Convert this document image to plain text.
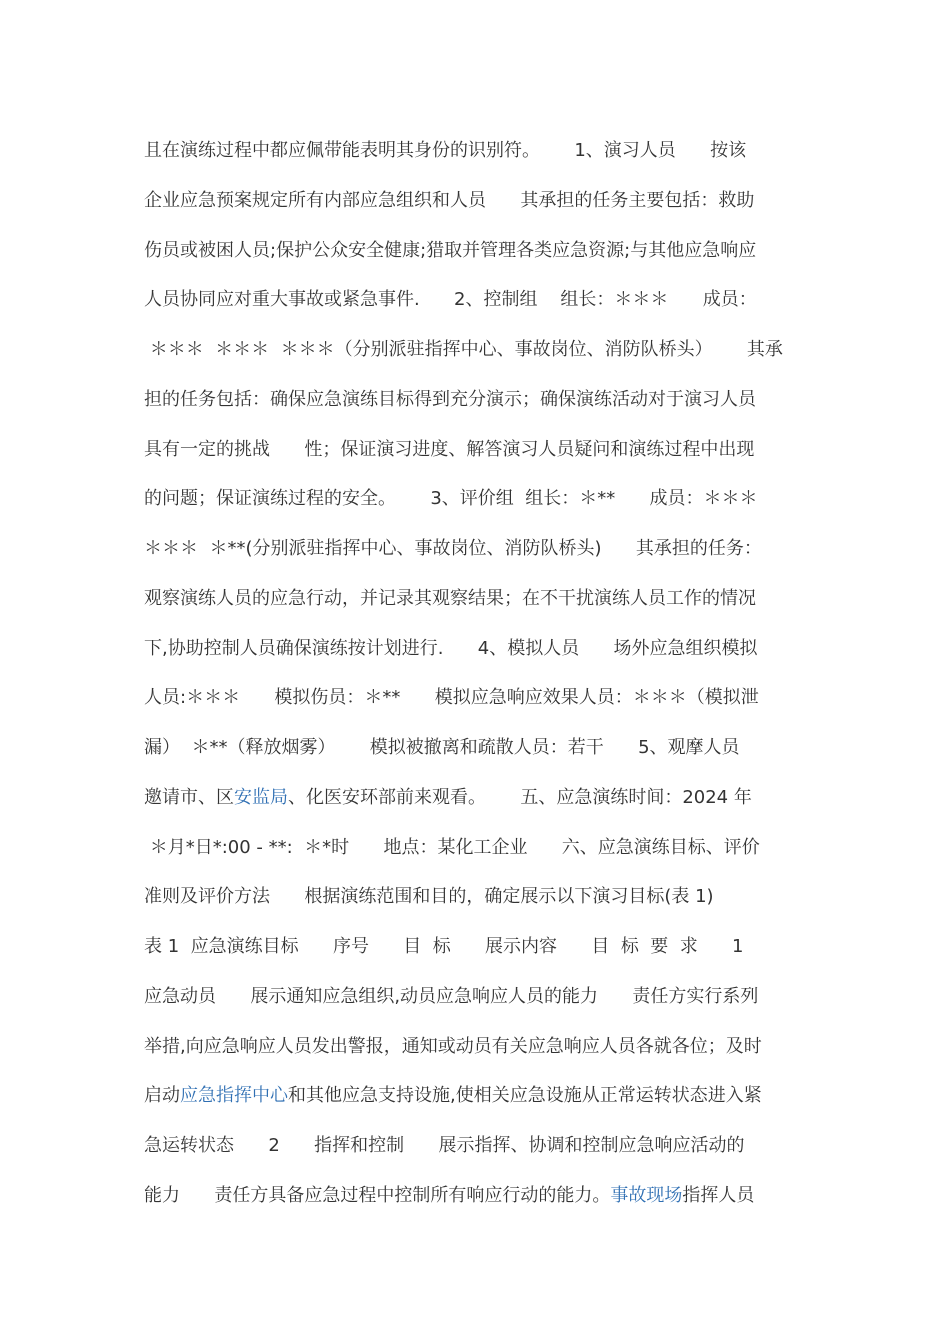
且在演练过程中都应佩带能表明其身份的识别符。      1、演习人员      按该
企业应急预案规定所有内部应急组织和人员      其承担的任务主要包括：救助
伤员或被困人员;保护公众安全健康;猎取并管理各类应急资源;与其他应急响应
人员协同应对重大事故或紧急事件.      2、控制组    组长：＊＊＊      成员：
＊＊＊  ＊＊＊  ＊＊＊（分别派驻指挥中心、事故岗位、消防队桥头）      其承
担的任务包括：确保应急演练目标得到充分演示；确保演练活动对于演习人员
具有一定的挑战      性；保证演习进度、解答演习人员疑问和演练过程中出现
的问题；保证演练过程的安全。      3、评价组  组长：＊**      成员：＊＊＊
＊＊＊  ＊**(分别派驻指挥中心、事故岗位、消防队桥头)      其承担的任务：
观察演练人员的应急行动，并记录其观察结果；在不干扰演练人员工作的情况
下,协助控制人员确保演练按计划进行.      4、模拟人员      场外应急组织模拟
人员:＊＊＊      模拟伤员：＊**      模拟应急响应效果人员：＊＊＊（模拟泄
漏）  ＊**（释放烟雾）      模拟被撤离和疏散人员：若干      5、观摩人员
邀请市、区安监局、化医安环部前来观看。      五、应急演练时间：2024 年
＊月*日*:00 - **:  ＊*时      地点：某化工企业      六、应急演练目标、评价
准则及评价方法      根据演练范围和目的，确定展示以下演习目标(表 1)
表 1  应急演练目标      序号      目  标      展示内容      目  标  要  求      1
应急动员      展示通知应急组织,动员应急响应人员的能力      责任方实行系列
举措,向应急响应人员发出警报，通知或动员有关应急响应人员各就各位；及时
启动应急指挥中心和其他应急支持设施,使相关应急设施从正常运转状态进入紧
急运转状态      2      指挥和控制      展示指挥、协调和控制应急响应活动的
能力      责任方具备应急过程中控制所有响应行动的能力。事故现场指挥人员
